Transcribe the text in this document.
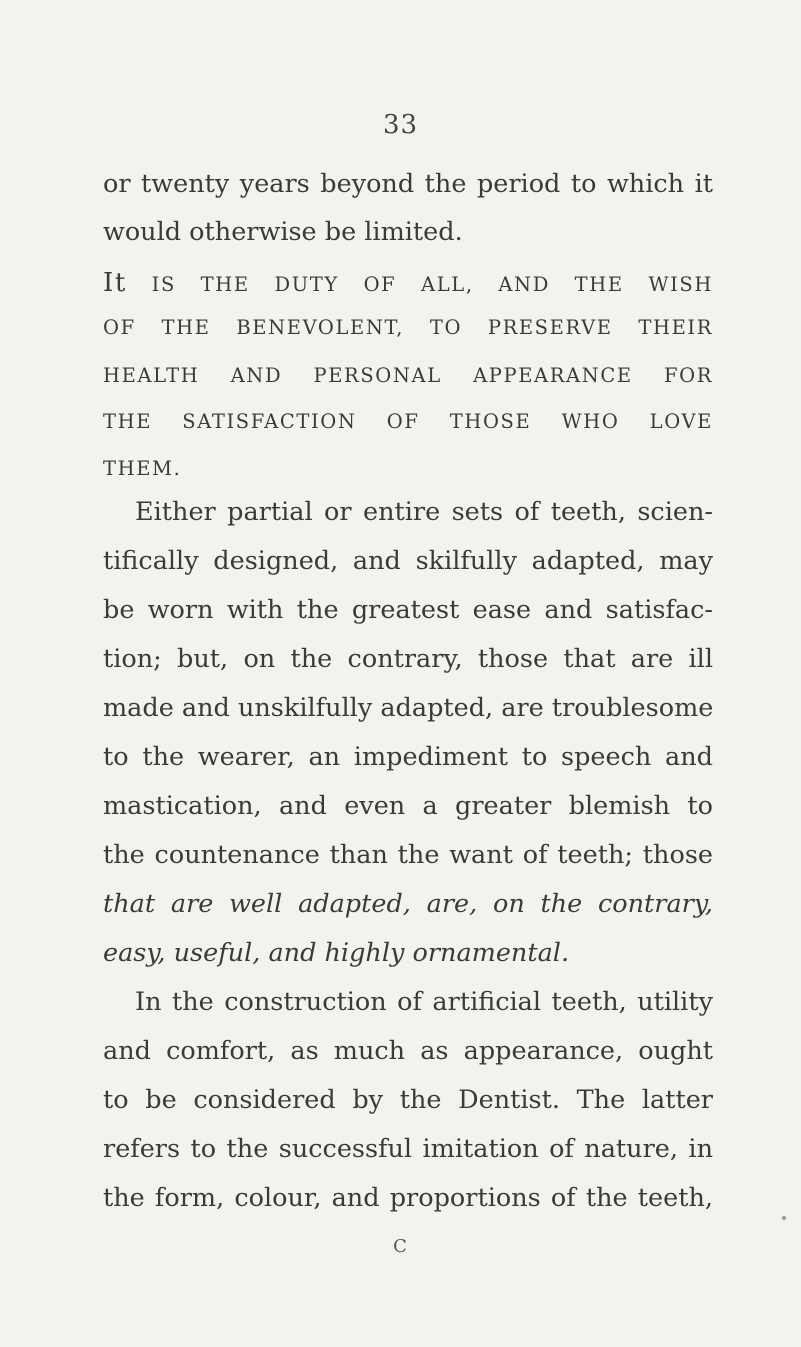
33
or twenty years beyond the period to which it
would otherwise be limited.
It IS THE DUTY OF ALL, AND THE WISH
OF THE BENEVOLENT, TO PRESERVE THEIR
HEALTH AND PERSONAL APPEARANCE FOR
THE SATISFACTION OF THOSE WHO LOVE
THEM.
Either partial or entire sets of teeth, scien-
tifically designed, and skilfully adapted, may
be worn with the greatest ease and satisfac-
tion; but, on the contrary, those that are ill
made and unskilfully adapted, are troublesome
to the wearer, an impediment to speech and
mastication, and even a greater blemish to
the countenance than the want of teeth; those
that are well adapted, are, on the contrary,
easy, useful, and highly ornamental.
In the construction of artificial teeth, utility
and comfort, as much as appearance, ought
to be considered by the Dentist. The latter
refers to the successful imitation of nature, in
the form, colour, and proportions of the teeth,
C
